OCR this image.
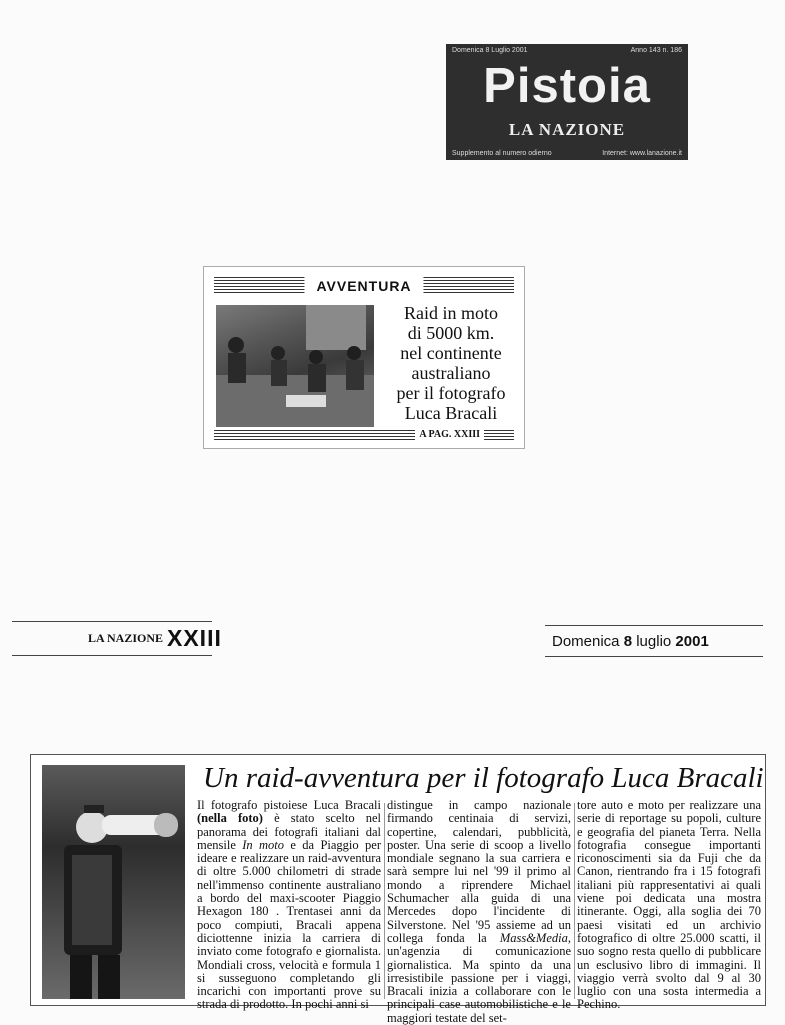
Domenica 8 Luglio 2001	Anno 143 n. 186
Pistoia
LA NAZIONE
Supplemento al numero odierno	Internet: www.lanazione.it
AVVENTURA
Raid in moto
di 5000 km.
nel continente
australiano
per il fotografo
Luca Bracali
A PAG. XXIII
LA NAZIONE XXIII	Domenica 8 luglio 2001
Un raid-avventura per il fotografo Luca Bracali

Il fotografo pistoiese Luca Bracali (nella foto) è stato scelto nel panorama dei fotografi italiani dal mensile In moto e da Piaggio per ideare e realizzare un raid-avventura di oltre 5.000 chilometri di strade nell'immenso continente australiano a bordo del maxi-scooter Piaggio Hexagon 180 . Trentasei anni da poco compiuti, Bracali appena diciottenne inizia la carriera di inviato come fotografo e giornalista. Mondiali cross, velocità e formula 1 si susseguono completando gli incarichi con importanti prove su strada di prodotto. In pochi anni si

distingue in campo nazionale firmando centinaia di servizi, copertine, calendari, pubblicità, poster. Una serie di scoop a livello mondiale segnano la sua carriera e sarà sempre lui nel '99 il primo al mondo a riprendere Michael Schumacher alla guida di una Mercedes dopo l'incidente di Silverstone. Nel '95 assieme ad un collega fonda la Mass&Media, un'agenzia di comunicazione giornalistica. Ma spinto da una irresistibile passione per i viaggi, Bracali inizia a collaborare con le principali case automobilistiche e le maggiori testate del set-

tore auto e moto per realizzare una serie di reportage su popoli, culture e geografia del pianeta Terra. Nella fotografia consegue importanti riconoscimenti sia da Fuji che da Canon, rientrando fra i 15 fotografi italiani più rappresentativi ai quali viene poi dedicata una mostra itinerante. Oggi, alla soglia dei 70 paesi visitati ed un archivio fotografico di oltre 25.000 scatti, il suo sogno resta quello di pubblicare un esclusivo libro di immagini. Il viaggio verrà svolto dal 9 al 30 luglio con una sosta intermedia a Pechino.
